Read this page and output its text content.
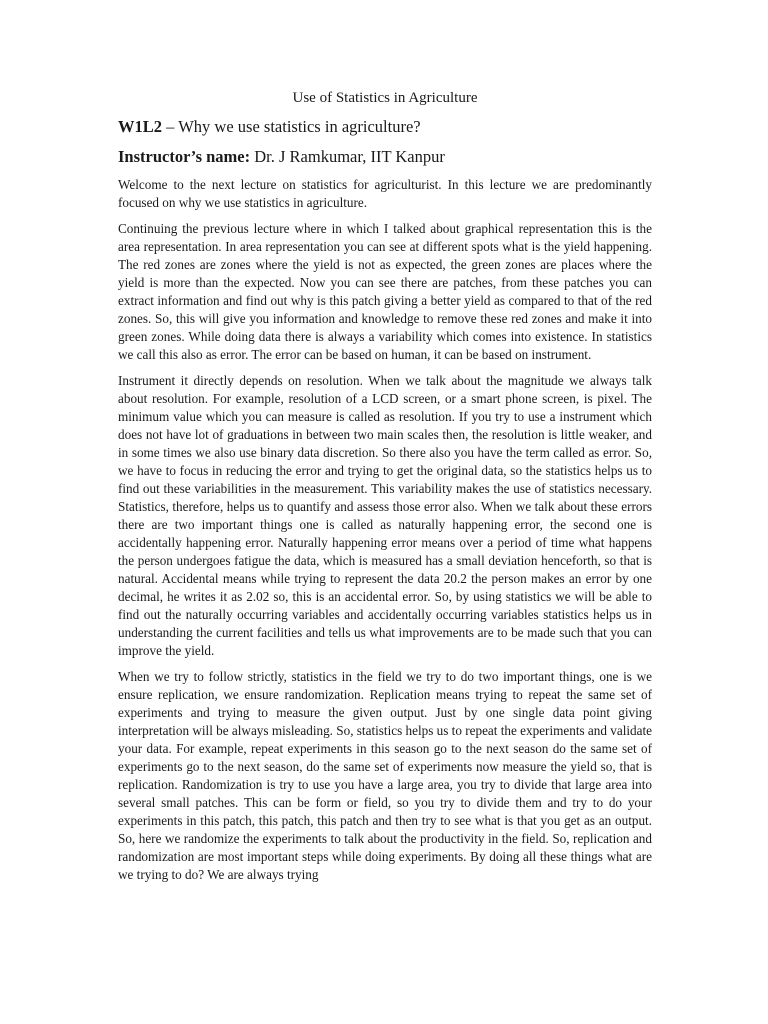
Use of Statistics in Agriculture
W1L2 – Why we use statistics in agriculture?
Instructor’s name: Dr. J Ramkumar, IIT Kanpur

Welcome to the next lecture on statistics for agriculturist. In this lecture we are predominantly focused on why we use statistics in agriculture.

Continuing the previous lecture where in which I talked about graphical representation this is the area representation. In area representation you can see at different spots what is the yield happening. The red zones are zones where the yield is not as expected, the green zones are places where the yield is more than the expected. Now you can see there are patches, from these patches you can extract information and find out why is this patch giving a better yield as compared to that of the red zones. So, this will give you information and knowledge to remove these red zones and make it into green zones. While doing data there is always a variability which comes into existence. In statistics we call this also as error. The error can be based on human, it can be based on instrument.

Instrument it directly depends on resolution. When we talk about the magnitude we always talk about resolution. For example, resolution of a LCD screen, or a smart phone screen, is pixel. The minimum value which you can measure is called as resolution. If you try to use a instrument which does not have lot of graduations in between two main scales then, the resolution is little weaker, and in some times we also use binary data discretion. So there also you have the term called as error. So, we have to focus in reducing the error and trying to get the original data, so the statistics helps us to find out these variabilities in the measurement. This variability makes the use of statistics necessary. Statistics, therefore, helps us to quantify and assess those error also. When we talk about these errors there are two important things one is called as naturally happening error, the second one is accidentally happening error. Naturally happening error means over a period of time what happens the person undergoes fatigue the data, which is measured has a small deviation henceforth, so that is natural. Accidental means while trying to represent the data 20.2 the person makes an error by one decimal, he writes it as 2.02 so, this is an accidental error. So, by using statistics we will be able to find out the naturally occurring variables and accidentally occurring variables statistics helps us in understanding the current facilities and tells us what improvements are to be made such that you can improve the yield.

When we try to follow strictly, statistics in the field we try to do two important things, one is we ensure replication, we ensure randomization. Replication means trying to repeat the same set of experiments and trying to measure the given output. Just by one single data point giving interpretation will be always misleading. So, statistics helps us to repeat the experiments and validate your data. For example, repeat experiments in this season go to the next season do the same set of experiments go to the next season, do the same set of experiments now measure the yield so, that is replication. Randomization is try to use you have a large area, you try to divide that large area into several small patches. This can be form or field, so you try to divide them and try to do your experiments in this patch, this patch, this patch and then try to see what is that you get as an output. So, here we randomize the experiments to talk about the productivity in the field. So, replication and randomization are most important steps while doing experiments. By doing all these things what are we trying to do? We are always trying
